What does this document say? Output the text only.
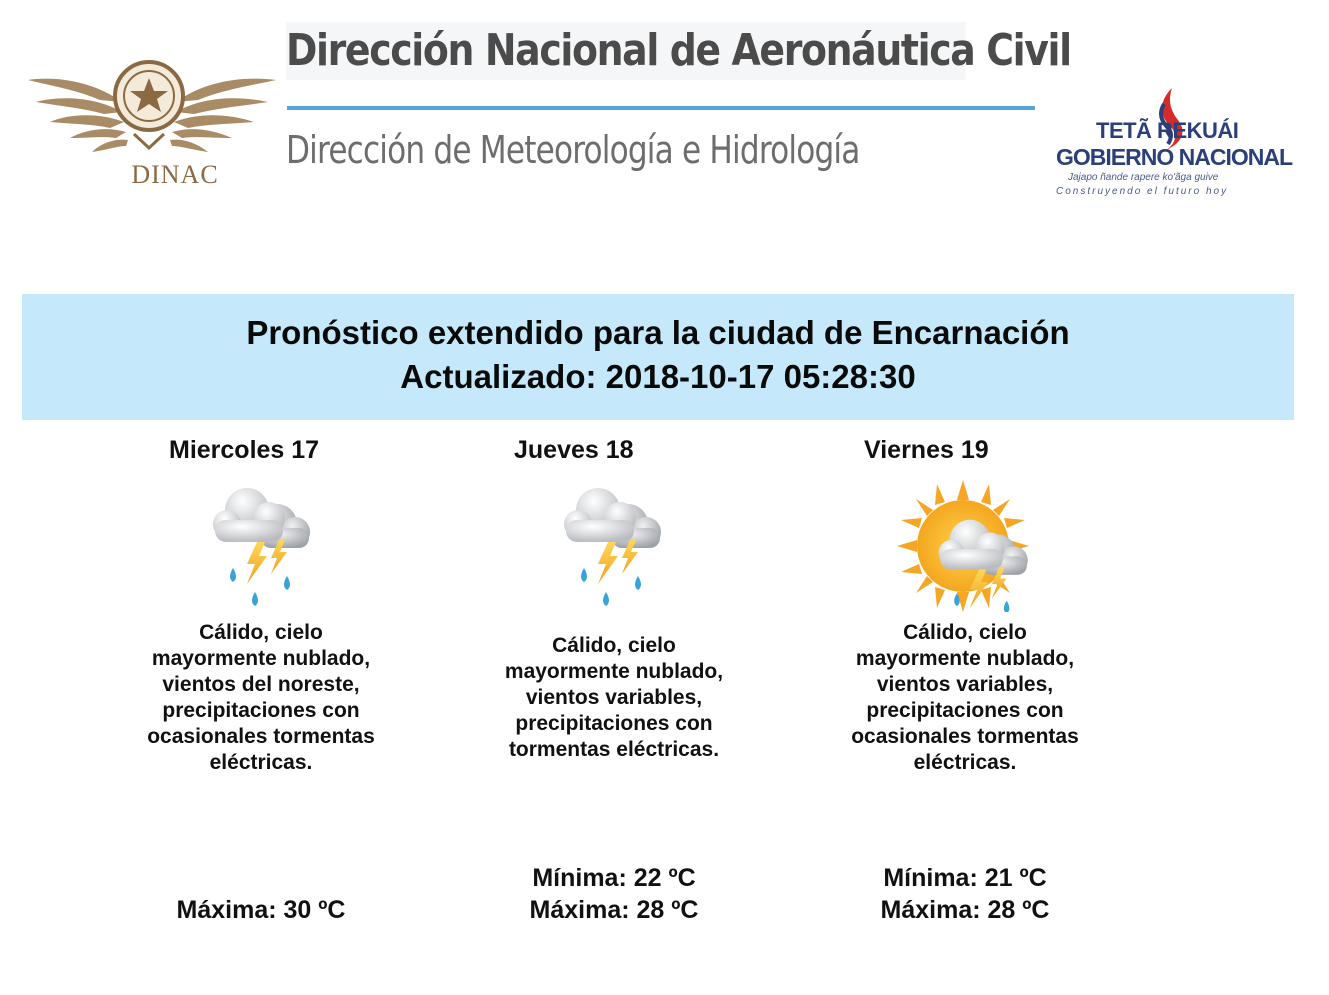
DINAC
Dirección Nacional de Aeronáutica Civil
Dirección de Meteorología e Hidrología	TETÃ REKUÁI
GOBIERNO NACIONAL
Jajapo ñande rapere ko'ãga guive
Construyendo el futuro hoy
Pronóstico extendido para la ciudad de Encarnación
Actualizado: 2018-10-17 05:28:30
Miercoles 17
Cálido, cielo mayormente nublado, vientos del noreste, precipitaciones con ocasionales tormentas eléctricas.
Máxima: 30 ºC
Jueves 18
Cálido, cielo mayormente nublado, vientos variables, precipitaciones con tormentas eléctricas.
Mínima: 22 ºC
Máxima: 28 ºC
Viernes 19
Cálido, cielo mayormente nublado, vientos variables, precipitaciones con ocasionales tormentas eléctricas.
Mínima: 21 ºC
Máxima: 28 ºC
